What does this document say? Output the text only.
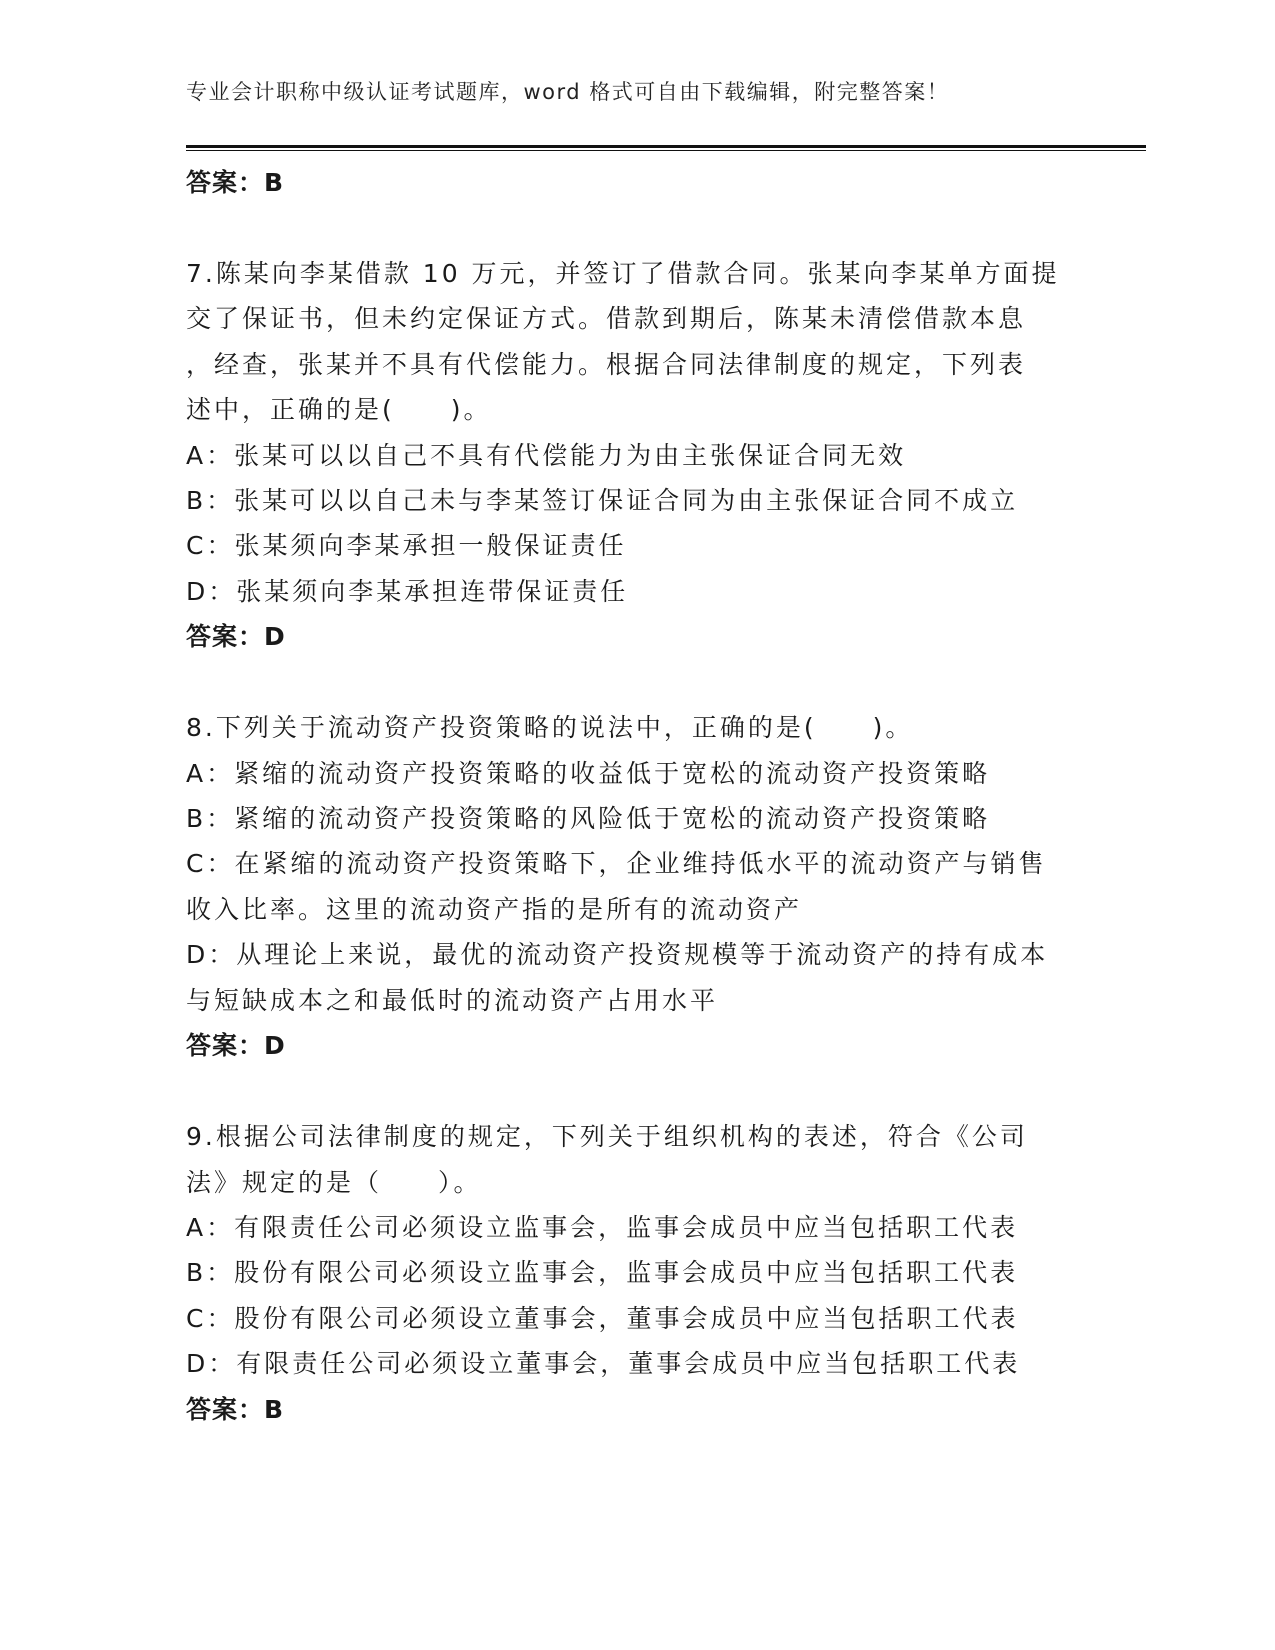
专业会计职称中级认证考试题库，word 格式可自由下载编辑，附完整答案！
答案：B
7.陈某向李某借款 10 万元，并签订了借款合同。张某向李某单方面提
交了保证书，但未约定保证方式。借款到期后，陈某未清偿借款本息
，经查，张某并不具有代偿能力。根据合同法律制度的规定，下列表
述中，正确的是(　　)。
A：张某可以以自己不具有代偿能力为由主张保证合同无效
B：张某可以以自己未与李某签订保证合同为由主张保证合同不成立
C：张某须向李某承担一般保证责任
D：张某须向李某承担连带保证责任
答案：D
8.下列关于流动资产投资策略的说法中，正确的是(　　)。
A：紧缩的流动资产投资策略的收益低于宽松的流动资产投资策略
B：紧缩的流动资产投资策略的风险低于宽松的流动资产投资策略
C：在紧缩的流动资产投资策略下，企业维持低水平的流动资产与销售
收入比率。这里的流动资产指的是所有的流动资产
D：从理论上来说，最优的流动资产投资规模等于流动资产的持有成本
与短缺成本之和最低时的流动资产占用水平
答案：D
9.根据公司法律制度的规定，下列关于组织机构的表述，符合《公司
法》规定的是（　　）。
A：有限责任公司必须设立监事会，监事会成员中应当包括职工代表
B：股份有限公司必须设立监事会，监事会成员中应当包括职工代表
C：股份有限公司必须设立董事会，董事会成员中应当包括职工代表
D：有限责任公司必须设立董事会，董事会成员中应当包括职工代表
答案：B
